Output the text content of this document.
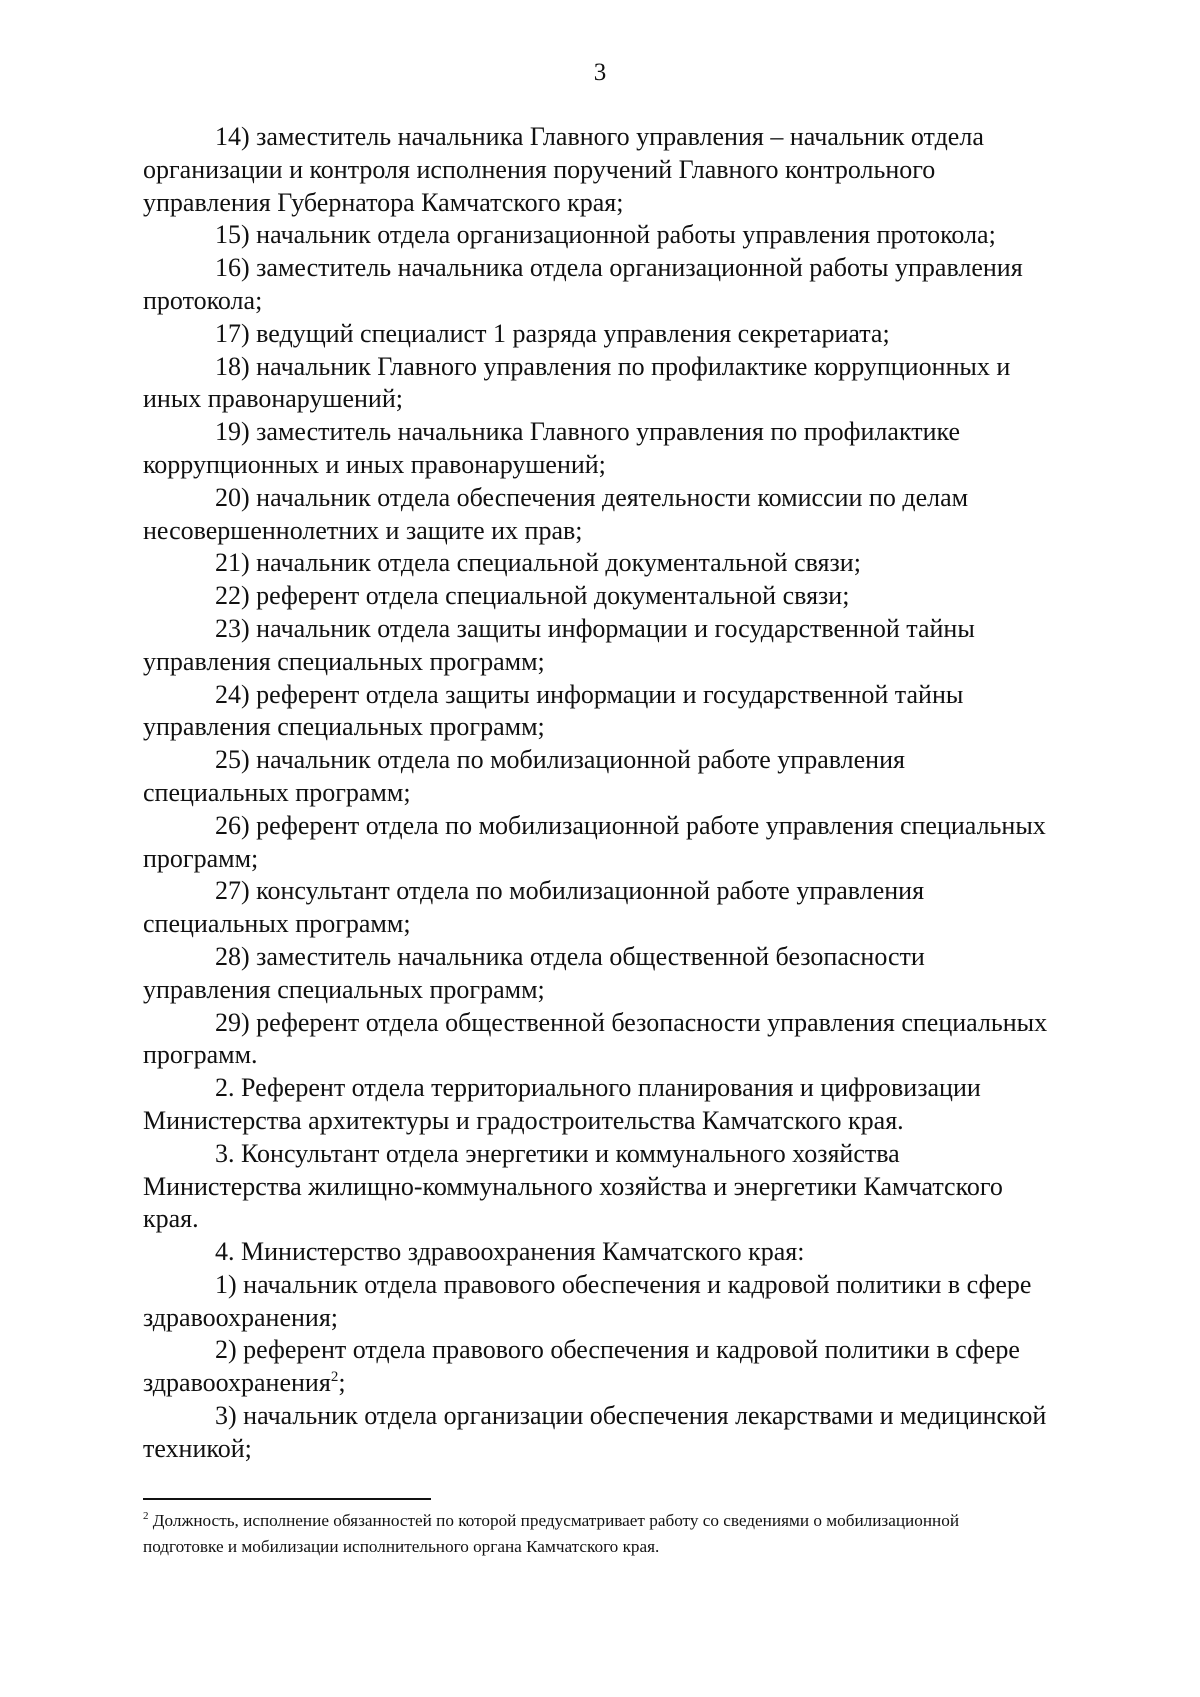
3

14) заместитель начальника Главного управления – начальник отдела
организации и контроля исполнения поручений Главного контрольного
управления Губернатора Камчатского края;

15) начальник отдела организационной работы управления протокола;

16) заместитель начальника отдела организационной работы управления
протокола;

17) ведущий специалист 1 разряда управления секретариата;

18) начальник Главного управления по профилактике коррупционных и
иных правонарушений;

19) заместитель начальника Главного управления по профилактике
коррупционных и иных правонарушений;

20) начальник отдела обеспечения деятельности комиссии по делам
несовершеннолетних и защите их прав;

21) начальник отдела специальной документальной связи;

22) референт отдела специальной документальной связи;

23) начальник отдела защиты информации и государственной тайны
управления специальных программ;

24) референт отдела защиты информации и государственной тайны
управления специальных программ;

25) начальник отдела по мобилизационной работе управления
специальных программ;

26) референт отдела по мобилизационной работе управления специальных
программ;

27) консультант отдела по мобилизационной работе управления
специальных программ;

28) заместитель начальника отдела общественной безопасности
управления специальных программ;

29) референт отдела общественной безопасности управления специальных
программ.

2. Референт отдела территориального планирования и цифровизации
Министерства архитектуры и градостроительства Камчатского края.

3. Консультант отдела энергетики и коммунального хозяйства
Министерства жилищно-коммунального хозяйства и энергетики Камчатского
края.

4. Министерство здравоохранения Камчатского края:

1) начальник отдела правового обеспечения и кадровой политики в сфере
здравоохранения;

2) референт отдела правового обеспечения и кадровой политики в сфере
здравоохранения$^2$;

3) начальник отдела организации обеспечения лекарствами и медицинской
техникой;

$^2$ Должность, исполнение обязанностей по которой предусматривает работу со сведениями о мобилизационной
подготовке и мобилизации исполнительного органа Камчатского края.
